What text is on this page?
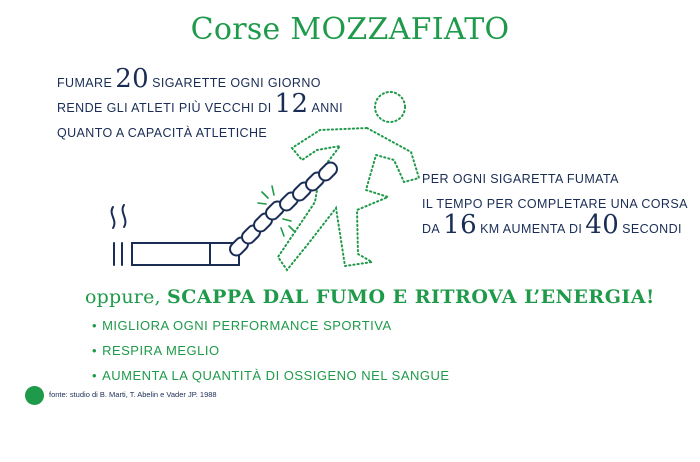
Corse MOZZAFIATO
FUMARE 20 SIGARETTE OGNI GIORNO
RENDE GLI ATLETI PIÙ VECCHI DI 12 ANNI
QUANTO A CAPACITÀ ATLETICHE
PER OGNI SIGARETTA FUMATA
IL TEMPO PER COMPLETARE UNA CORSA
DA 16 KM AUMENTA DI 40 SECONDI
oppure, SCAPPA DAL FUMO E RITROVA L’ENERGIA!
• MIGLIORA OGNI PERFORMANCE SPORTIVA
• RESPIRA MEGLIO
• AUMENTA LA QUANTITÀ DI OSSIGENO NEL SANGUE
fonte: studio di B. Marti, T. Abelin e Vader JP. 1988
